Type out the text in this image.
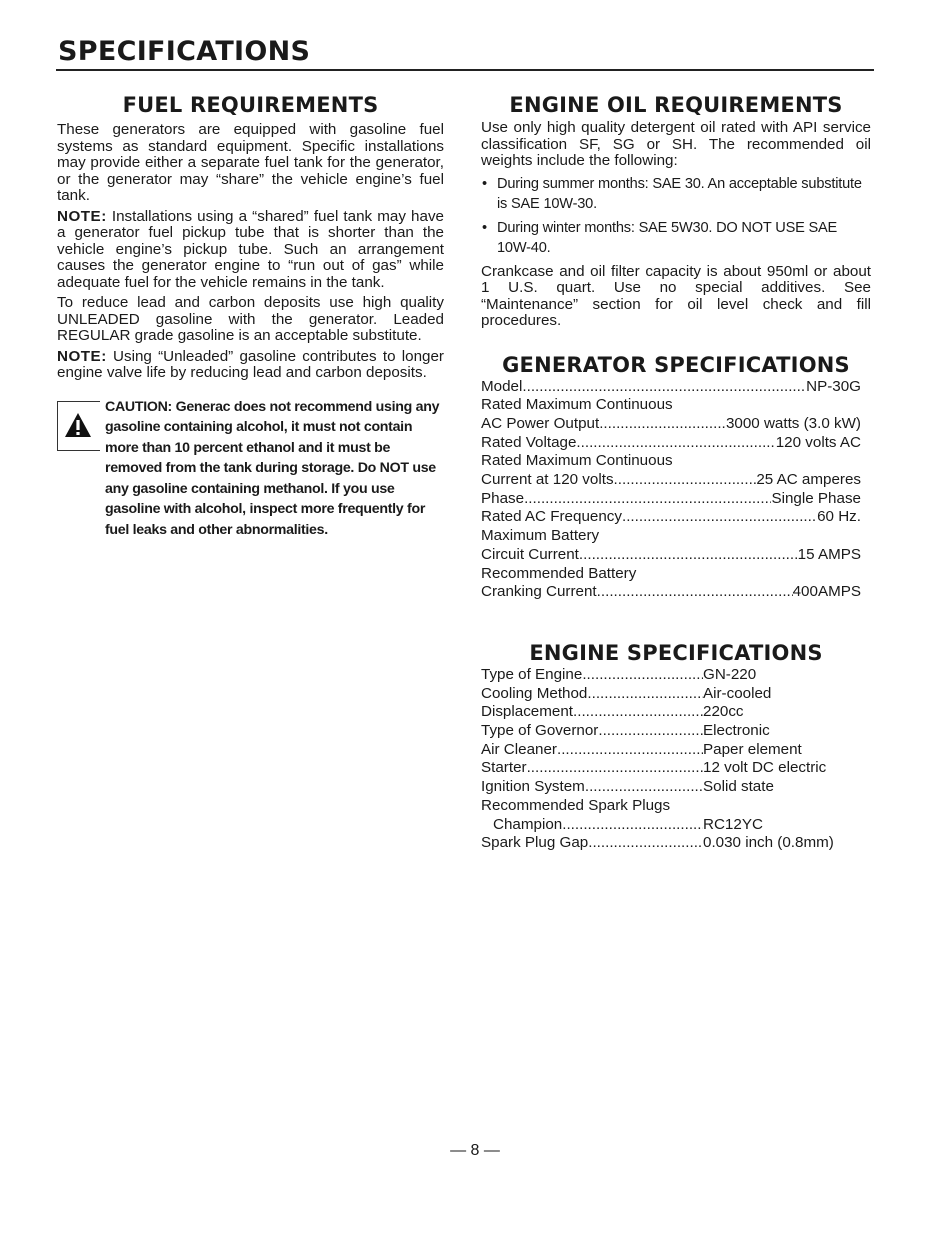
SPECIFICATIONS
FUEL REQUIREMENTS

These generators are equipped with gasoline fuel systems as standard equipment. Specific installations may provide either a separate fuel tank for the generator, or the generator may “share” the vehicle engine’s fuel tank.

NOTE: Installations using a “shared” fuel tank may have a generator fuel pickup tube that is shorter than the vehicle engine’s pickup tube. Such an arrangement causes the generator engine to “run out of gas” while adequate fuel for the vehicle remains in the tank.

To reduce lead and carbon deposits use high quality UNLEADED gasoline with the generator. Leaded REGULAR grade gasoline is an acceptable substitute.

NOTE: Using “Unleaded” gasoline contributes to longer engine valve life by reducing lead and carbon deposits.

CAUTION: Generac does not recommend using any gasoline containing alcohol, it must not contain more than 10 percent ethanol and it must be removed from the tank during storage. Do NOT use any gasoline containing methanol. If you use gasoline with alcohol, inspect more frequently for fuel leaks and other abnormalities.
ENGINE OIL REQUIREMENTS

Use only high quality detergent oil rated with API service classification SF, SG or SH. The recommended oil weights include the following:

• During summer months: SAE 30. An acceptable substitute is SAE 10W-30.
• During winter months: SAE 5W30. DO NOT USE SAE 10W-40.

Crankcase and oil filter capacity is about 950ml or about 1 U.S. quart. Use no special additives. See “Maintenance” section for oil level check and fill procedures.

GENERATOR SPECIFICATIONS
Model .....	NP-30G
Rated Maximum Continuous
AC Power Output .....	3000 watts (3.0 kW)
Rated Voltage .....	120 volts AC
Rated Maximum Continuous
Current at 120 volts .....	25 AC amperes
Phase .....	Single Phase
Rated AC Frequency .....	60 Hz.
Maximum Battery
Circuit Current .....	15 AMPS
Recommended Battery
Cranking Current .....	400AMPS
ENGINE SPECIFICATIONS
Type of Engine .....	GN-220
Cooling Method .....	Air-cooled
Displacement .....	220cc
Type of Governor .....	Electronic
Air Cleaner .....	Paper element
Starter .....	12 volt DC electric
Ignition System .....	Solid state
Recommended Spark Plugs
Champion .....	RC12YC
Spark Plug Gap .....	0.030 inch (0.8mm)

— 8 —
